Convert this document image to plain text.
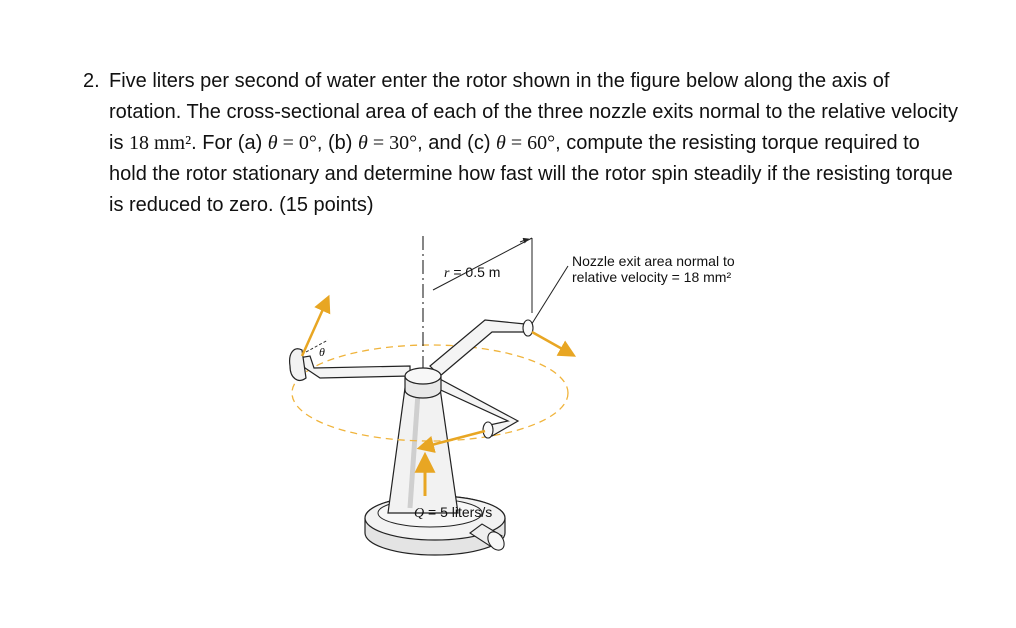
2. Five liters per second of water enter the rotor shown in the figure below along the axis of rotation. The cross-sectional area of each of the three nozzle exits normal to the relative velocity is 18 mm². For (a) θ = 0°, (b) θ = 30°, and (c) θ = 60°, compute the resisting torque required to hold the rotor stationary and determine how fast will the rotor spin steadily if the resisting torque is reduced to zero. (15 points)
r = 0.5 m
Nozzle exit area normal to
relative velocity = 18 mm²
θ
Q = 5 liters/s
